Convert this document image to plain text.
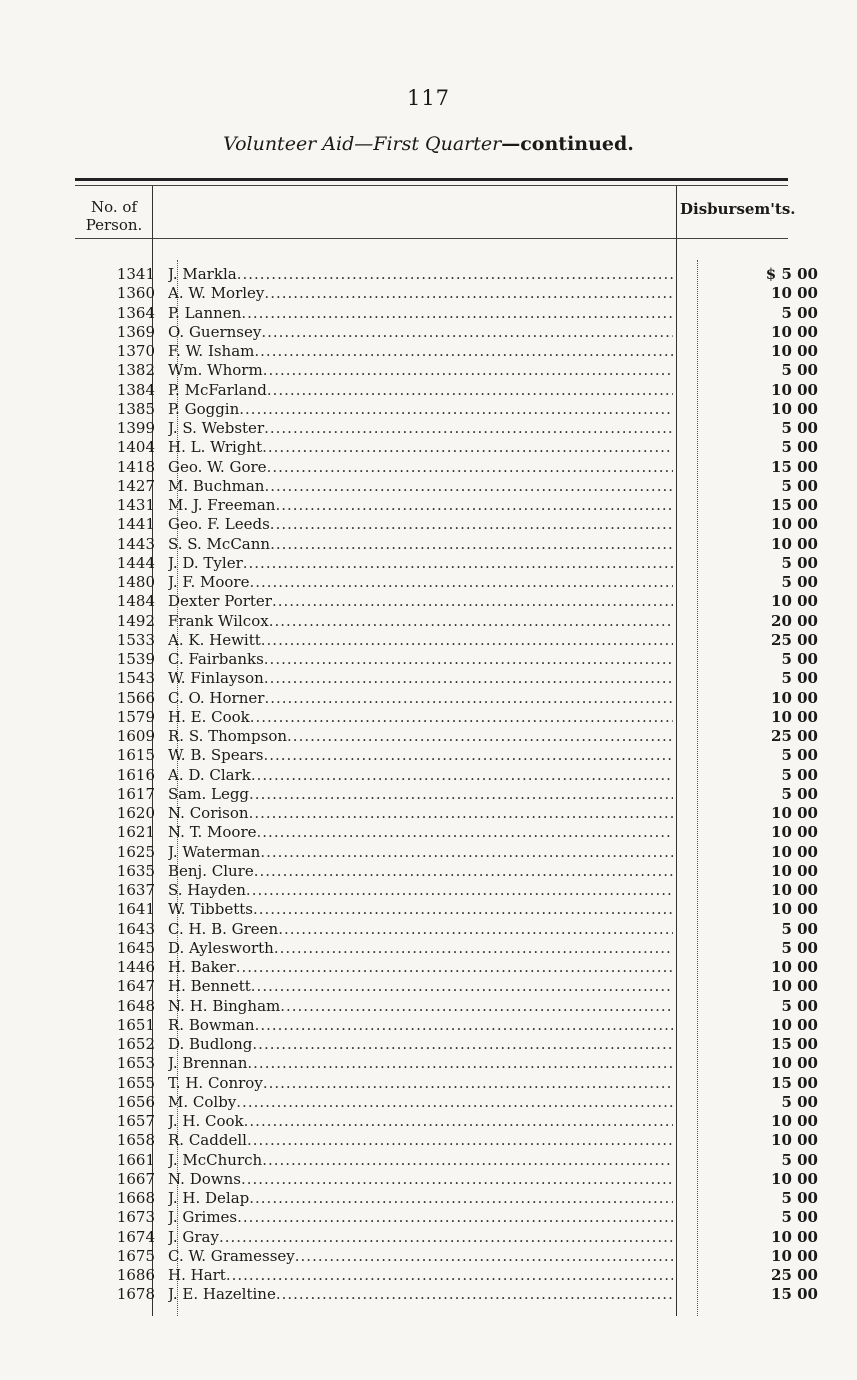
117
Volunteer Aid—First Quarter—continued.
No. of
Person.
Disbursem'ts.
1341 J. Markla .....	$ 5 00
1360 A. W. Morley .....	10 00
1364 P. Lannen .....	5 00
1369 O. Guernsey .....	10 00
1370 F. W. Isham .....	10 00
1382 Wm. Whorm .....	5 00
1384 P. McFarland .....	10 00
1385 P. Goggin .....	10 00
1399 J. S. Webster .....	5 00
1404 H. L. Wright .....	5 00
1418 Geo. W. Gore .....	15 00
1427 M. Buchman .....	5 00
1431 M. J. Freeman .....	15 00
1441 Geo. F. Leeds .....	10 00
1443 S. S. McCann .....	10 00
1444 J. D. Tyler .....	5 00
1480 J. F. Moore .....	5 00
1484 Dexter Porter .....	10 00
1492 Frank Wilcox .....	20 00
1533 A. K. Hewitt .....	25 00
1539 C. Fairbanks .....	5 00
1543 W. Finlayson .....	5 00
1566 C. O. Horner .....	10 00
1579 H. E. Cook .....	10 00
1609 R. S. Thompson .....	25 00
1615 W. B. Spears .....	5 00
1616 A. D. Clark .....	5 00
1617 Sam. Legg .....	5 00
1620 N. Corison .....	10 00
1621 N. T. Moore .....	10 00
1625 J. Waterman .....	10 00
1635 Benj. Clure .....	10 00
1637 S. Hayden .....	10 00
1641 W. Tibbetts .....	10 00
1643 C. H. B. Green .....	5 00
1645 D. Aylesworth .....	5 00
1446 H. Baker .....	10 00
1647 H. Bennett .....	10 00
1648 N. H. Bingham .....	5 00
1651 R. Bowman .....	10 00
1652 D. Budlong .....	15 00
1653 J. Brennan .....	10 00
1655 T. H. Conroy .....	15 00
1656 M. Colby .....	5 00
1657 J. H. Cook .....	10 00
1658 R. Caddell .....	10 00
1661 J. McChurch .....	5 00
1667 N. Downs .....	10 00
1668 J. H. Delap .....	5 00
1673 J. Grimes .....	5 00
1674 J. Gray .....	10 00
1675 C. W. Gramessey .....	10 00
1686 H. Hart .....	25 00
1678 J. E. Hazeltine .....	15 00
